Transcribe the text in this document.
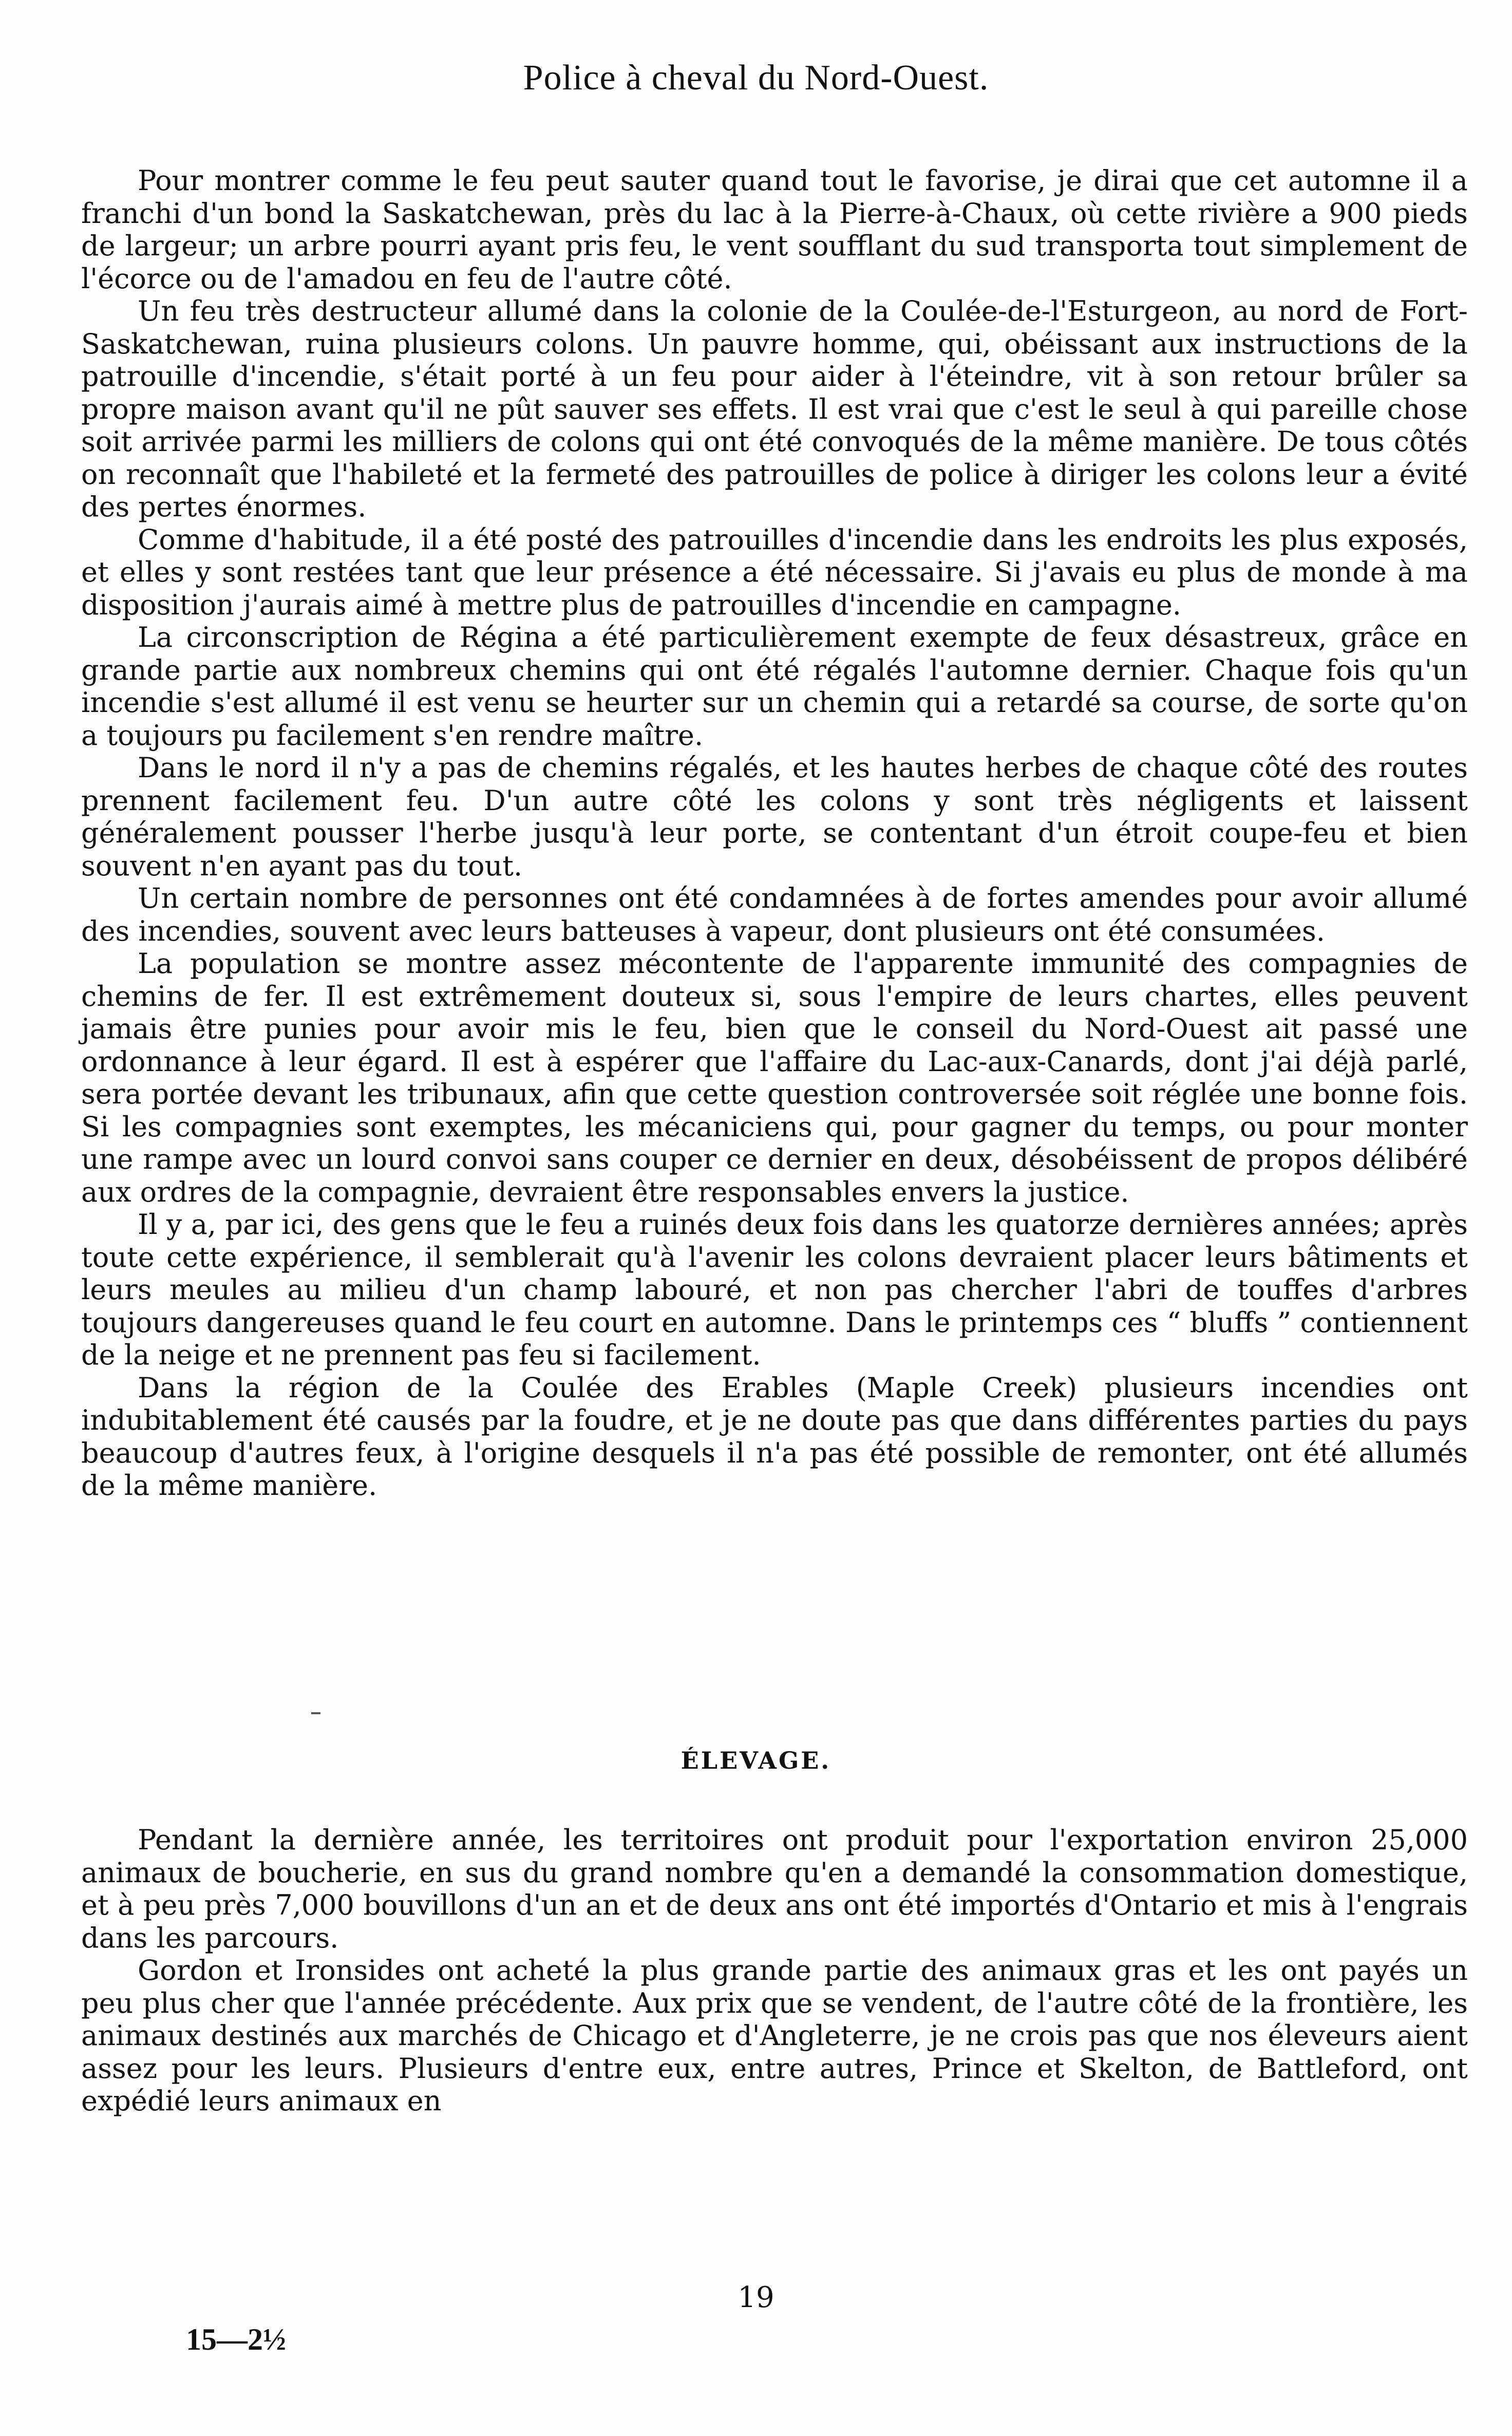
Police à cheval du Nord-Ouest.

Pour montrer comme le feu peut sauter quand tout le favorise, je dirai que cet automne il a franchi d'un bond la Saskatchewan, près du lac à la Pierre-à-Chaux, où cette rivière a 900 pieds de largeur; un arbre pourri ayant pris feu, le vent soufflant du sud transporta tout simplement de l'écorce ou de l'amadou en feu de l'autre côté.

Un feu très destructeur allumé dans la colonie de la Coulée-de-l'Esturgeon, au nord de Fort-Saskatchewan, ruina plusieurs colons. Un pauvre homme, qui, obéissant aux instructions de la patrouille d'incendie, s'était porté à un feu pour aider à l'éteindre, vit à son retour brûler sa propre maison avant qu'il ne pût sauver ses effets. Il est vrai que c'est le seul à qui pareille chose soit arrivée parmi les milliers de colons qui ont été convoqués de la même manière. De tous côtés on reconnaît que l'habileté et la fermeté des patrouilles de police à diriger les colons leur a évité des pertes énormes.

Comme d'habitude, il a été posté des patrouilles d'incendie dans les endroits les plus exposés, et elles y sont restées tant que leur présence a été nécessaire. Si j'avais eu plus de monde à ma disposition j'aurais aimé à mettre plus de patrouilles d'incendie en campagne.

La circonscription de Régina a été particulièrement exempte de feux désastreux, grâce en grande partie aux nombreux chemins qui ont été régalés l'automne dernier. Chaque fois qu'un incendie s'est allumé il est venu se heurter sur un chemin qui a retardé sa course, de sorte qu'on a toujours pu facilement s'en rendre maître.

Dans le nord il n'y a pas de chemins régalés, et les hautes herbes de chaque côté des routes prennent facilement feu. D'un autre côté les colons y sont très négligents et laissent généralement pousser l'herbe jusqu'à leur porte, se contentant d'un étroit coupe-feu et bien souvent n'en ayant pas du tout.

Un certain nombre de personnes ont été condamnées à de fortes amendes pour avoir allumé des incendies, souvent avec leurs batteuses à vapeur, dont plusieurs ont été consumées.

La population se montre assez mécontente de l'apparente immunité des compagnies de chemins de fer. Il est extrêmement douteux si, sous l'empire de leurs chartes, elles peuvent jamais être punies pour avoir mis le feu, bien que le conseil du Nord-Ouest ait passé une ordonnance à leur égard. Il est à espérer que l'affaire du Lac-aux-Canards, dont j'ai déjà parlé, sera portée devant les tribunaux, afin que cette question controversée soit réglée une bonne fois. Si les compagnies sont exemptes, les mécaniciens qui, pour gagner du temps, ou pour monter une rampe avec un lourd convoi sans couper ce dernier en deux, désobéissent de propos délibéré aux ordres de la compagnie, devraient être responsables envers la justice.

Il y a, par ici, des gens que le feu a ruinés deux fois dans les quatorze dernières années; après toute cette expérience, il semblerait qu'à l'avenir les colons devraient placer leurs bâtiments et leurs meules au milieu d'un champ labouré, et non pas chercher l'abri de touffes d'arbres toujours dangereuses quand le feu court en automne. Dans le printemps ces “ bluffs ” contiennent de la neige et ne prennent pas feu si facilement.

Dans la région de la Coulée des Erables (Maple Creek) plusieurs incendies ont indubitablement été causés par la foudre, et je ne doute pas que dans différentes parties du pays beaucoup d'autres feux, à l'origine desquels il n'a pas été possible de remonter, ont été allumés de la même manière.

ÉLEVAGE.

Pendant la dernière année, les territoires ont produit pour l'exportation environ 25,000 animaux de boucherie, en sus du grand nombre qu'en a demandé la consommation domestique, et à peu près 7,000 bouvillons d'un an et de deux ans ont été importés d'Ontario et mis à l'engrais dans les parcours.

Gordon et Ironsides ont acheté la plus grande partie des animaux gras et les ont payés un peu plus cher que l'année précédente. Aux prix que se vendent, de l'autre côté de la frontière, les animaux destinés aux marchés de Chicago et d'Angleterre, je ne crois pas que nos éleveurs aient assez pour les leurs. Plusieurs d'entre eux, entre autres, Prince et Skelton, de Battleford, ont expédié leurs animaux en

19
15—2½
